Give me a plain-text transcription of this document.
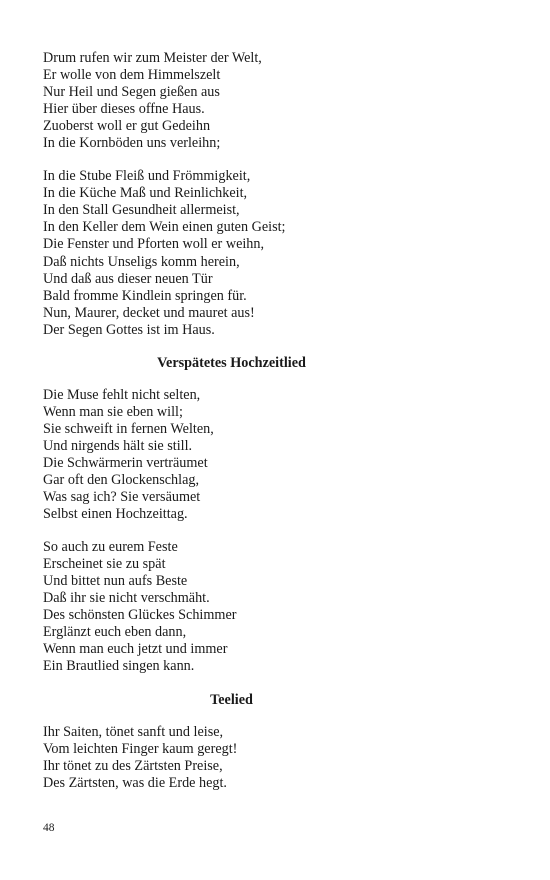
Drum rufen wir zum Meister der Welt,
Er wolle von dem Himmelszelt
Nur Heil und Segen gießen aus
Hier über dieses offne Haus.
Zuoberst woll er gut Gedeihn
In die Kornböden uns verleihn;
In die Stube Fleiß und Frömmigkeit,
In die Küche Maß und Reinlichkeit,
In den Stall Gesundheit allermeist,
In den Keller dem Wein einen guten Geist;
Die Fenster und Pforten woll er weihn,
Daß nichts Unseligs komm herein,
Und daß aus dieser neuen Tür
Bald fromme Kindlein springen für.
Nun, Maurer, decket und mauret aus!
Der Segen Gottes ist im Haus.
Verspätetes Hochzeitlied
Die Muse fehlt nicht selten,
Wenn man sie eben will;
Sie schweift in fernen Welten,
Und nirgends hält sie still.
Die Schwärmerin verträumet
Gar oft den Glockenschlag,
Was sag ich? Sie versäumet
Selbst einen Hochzeittag.
So auch zu eurem Feste
Erscheinet sie zu spät
Und bittet nun aufs Beste
Daß ihr sie nicht verschmäht.
Des schönsten Glückes Schimmer
Erglänzt euch eben dann,
Wenn man euch jetzt und immer
Ein Brautlied singen kann.
Teelied
Ihr Saiten, tönet sanft und leise,
Vom leichten Finger kaum geregt!
Ihr tönet zu des Zärtsten Preise,
Des Zärtsten, was die Erde hegt.
48
